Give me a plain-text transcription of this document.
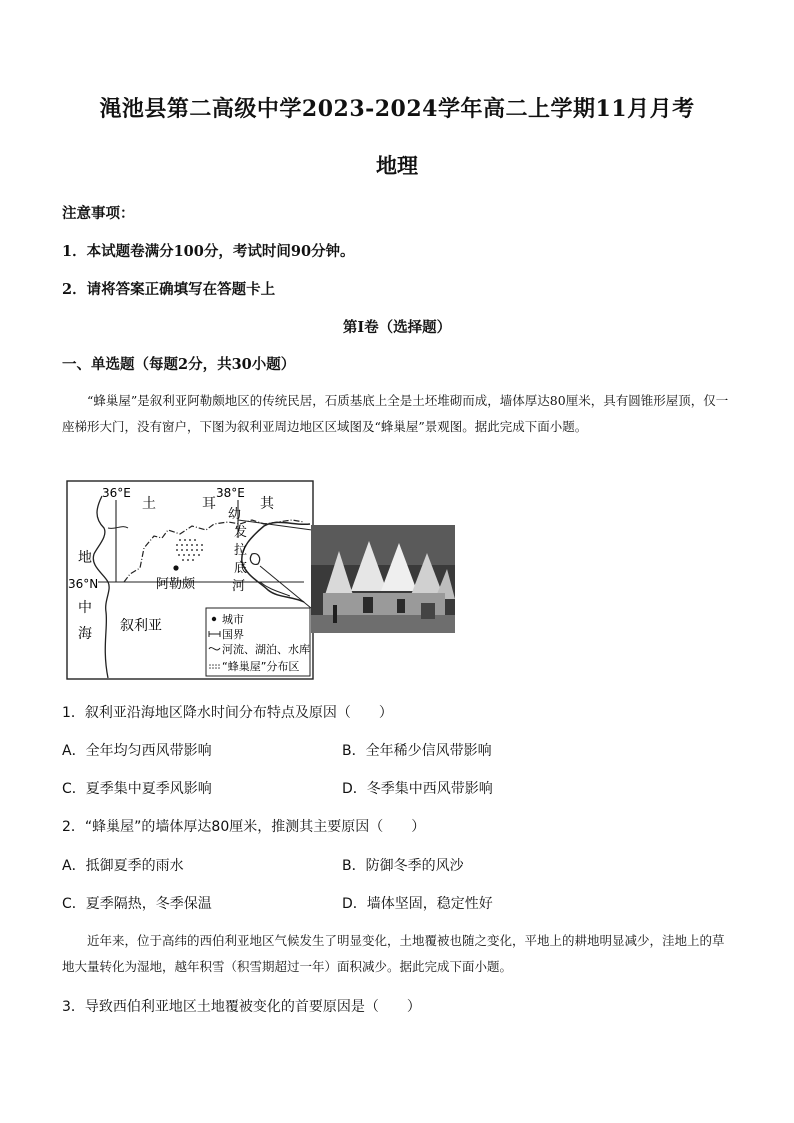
渑池县第二高级中学2023-2024学年高二上学期11月月考
地理
注意事项：
1．本试题卷满分100分，考试时间90分钟。
2．请将答案正确填写在答题卡上
第Ⅰ卷（选择题）
一、单选题（每题2分，共30小题）
“蜂巢屋”是叙利亚阿勒颇地区的传统民居，石质基底上全是土坯堆砌而成，墙体厚达80厘米，具有圆锥形屋顶，仅一座梯形大门，没有窗户，下图为叙利亚周边地区区域图及“蜂巢屋”景观图。据此完成下面小题。
36°E	38°E
土	耳	其
幼
发
拉
底
河
地
中
海
36°N	阿勒颇
叙利亚	城市
国界
河流、湖泊、水库
“蜂巢屋”分布区
1．叙利亚沿海地区降水时间分布特点及原因（　　）
A．全年均匀西风带影响	B．全年稀少信风带影响
C．夏季集中夏季风影响	D．冬季集中西风带影响
2．“蜂巢屋”的墙体厚达80厘米，推测其主要原因（　　）
A．抵御夏季的雨水	B．防御冬季的风沙
C．夏季隔热，冬季保温	D．墙体坚固，稳定性好
近年来，位于高纬的西伯利亚地区气候发生了明显变化，土地覆被也随之变化，平地上的耕地明显减少，洼地上的草地大量转化为湿地，越年积雪（积雪期超过一年）面积减少。据此完成下面小题。
3．导致西伯利亚地区土地覆被变化的首要原因是（　　）
